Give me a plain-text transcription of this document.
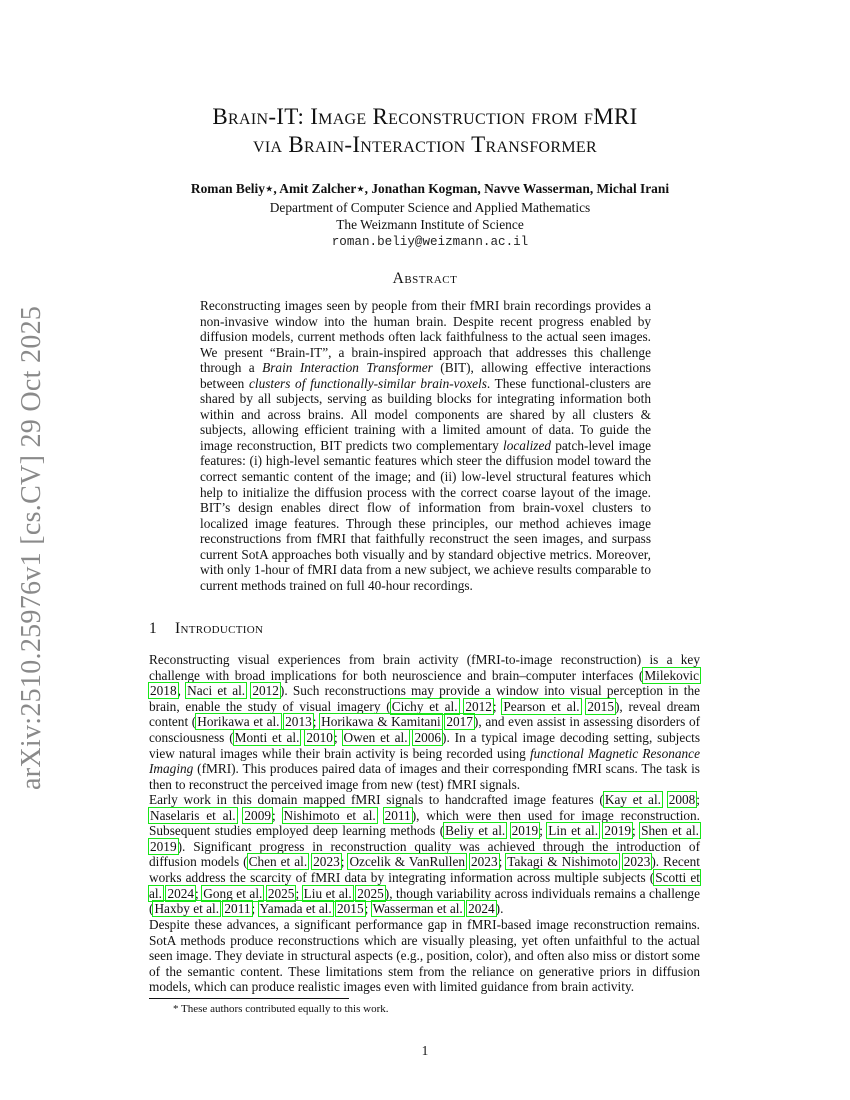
arXiv:2510.25976v1 [cs.CV] 29 Oct 2025
Brain-IT: Image Reconstruction from fMRI
via Brain-Interaction Transformer
Roman Beliy⋆, Amit Zalcher⋆, Jonathan Kogman, Navve Wasserman, Michal Irani
Department of Computer Science and Applied Mathematics
The Weizmann Institute of Science
roman.beliy@weizmann.ac.il
Abstract
Reconstructing images seen by people from their fMRI brain recordings provides a non-invasive window into the human brain. Despite recent progress enabled by diffusion models, current methods often lack faithfulness to the actual seen images. We present “Brain-IT”, a brain-inspired approach that addresses this challenge through a Brain Interaction Transformer (BIT), allowing effective interactions between clusters of functionally-similar brain-voxels. These functional-clusters are shared by all subjects, serving as building blocks for integrating information both within and across brains. All model components are shared by all clusters & subjects, allowing efficient training with a limited amount of data. To guide the image reconstruction, BIT predicts two complementary localized patch-level image features: (i) high-level semantic features which steer the diffusion model toward the correct semantic content of the image; and (ii) low-level structural features which help to initialize the diffusion process with the correct coarse layout of the image. BIT’s design enables direct flow of information from brain-voxel clusters to localized image features. Through these principles, our method achieves image reconstructions from fMRI that faithfully reconstruct the seen images, and surpass current SotA approaches both visually and by standard objective metrics. Moreover, with only 1-hour of fMRI data from a new subject, we achieve results comparable to current methods trained on full 40-hour recordings.
1 Introduction
Reconstructing visual experiences from brain activity (fMRI-to-image reconstruction) is a key challenge with broad implications for both neuroscience and brain–computer interfaces (Milekovic 2018, Naci et al. 2012). Such reconstructions may provide a window into visual perception in the brain, enable the study of visual imagery (Cichy et al. 2012; Pearson et al. 2015), reveal dream content (Horikawa et al. 2013; Horikawa & Kamitani 2017), and even assist in assessing disorders of consciousness (Monti et al. 2010; Owen et al. 2006). In a typical image decoding setting, subjects view natural images while their brain activity is being recorded using functional Magnetic Resonance Imaging (fMRI). This produces paired data of images and their corresponding fMRI scans. The task is then to reconstruct the perceived image from new (test) fMRI signals.
Early work in this domain mapped fMRI signals to handcrafted image features (Kay et al. 2008; Naselaris et al. 2009; Nishimoto et al. 2011), which were then used for image reconstruction. Subsequent studies employed deep learning methods (Beliy et al. 2019; Lin et al. 2019; Shen et al. 2019). Significant progress in reconstruction quality was achieved through the introduction of diffusion models (Chen et al. 2023; Ozcelik & VanRullen 2023; Takagi & Nishimoto 2023). Recent works address the scarcity of fMRI data by integrating information across multiple subjects (Scotti et al. 2024; Gong et al. 2025; Liu et al. 2025), though variability across individuals remains a challenge (Haxby et al. 2011; Yamada et al. 2015; Wasserman et al. 2024).
Despite these advances, a significant performance gap in fMRI-based image reconstruction remains. SotA methods produce reconstructions which are visually pleasing, yet often unfaithful to the actual seen image. They deviate in structural aspects (e.g., position, color), and often also miss or distort some of the semantic content. These limitations stem from the reliance on generative priors in diffusion models, which can produce realistic images even with limited guidance from brain activity.
* These authors contributed equally to this work.
1
